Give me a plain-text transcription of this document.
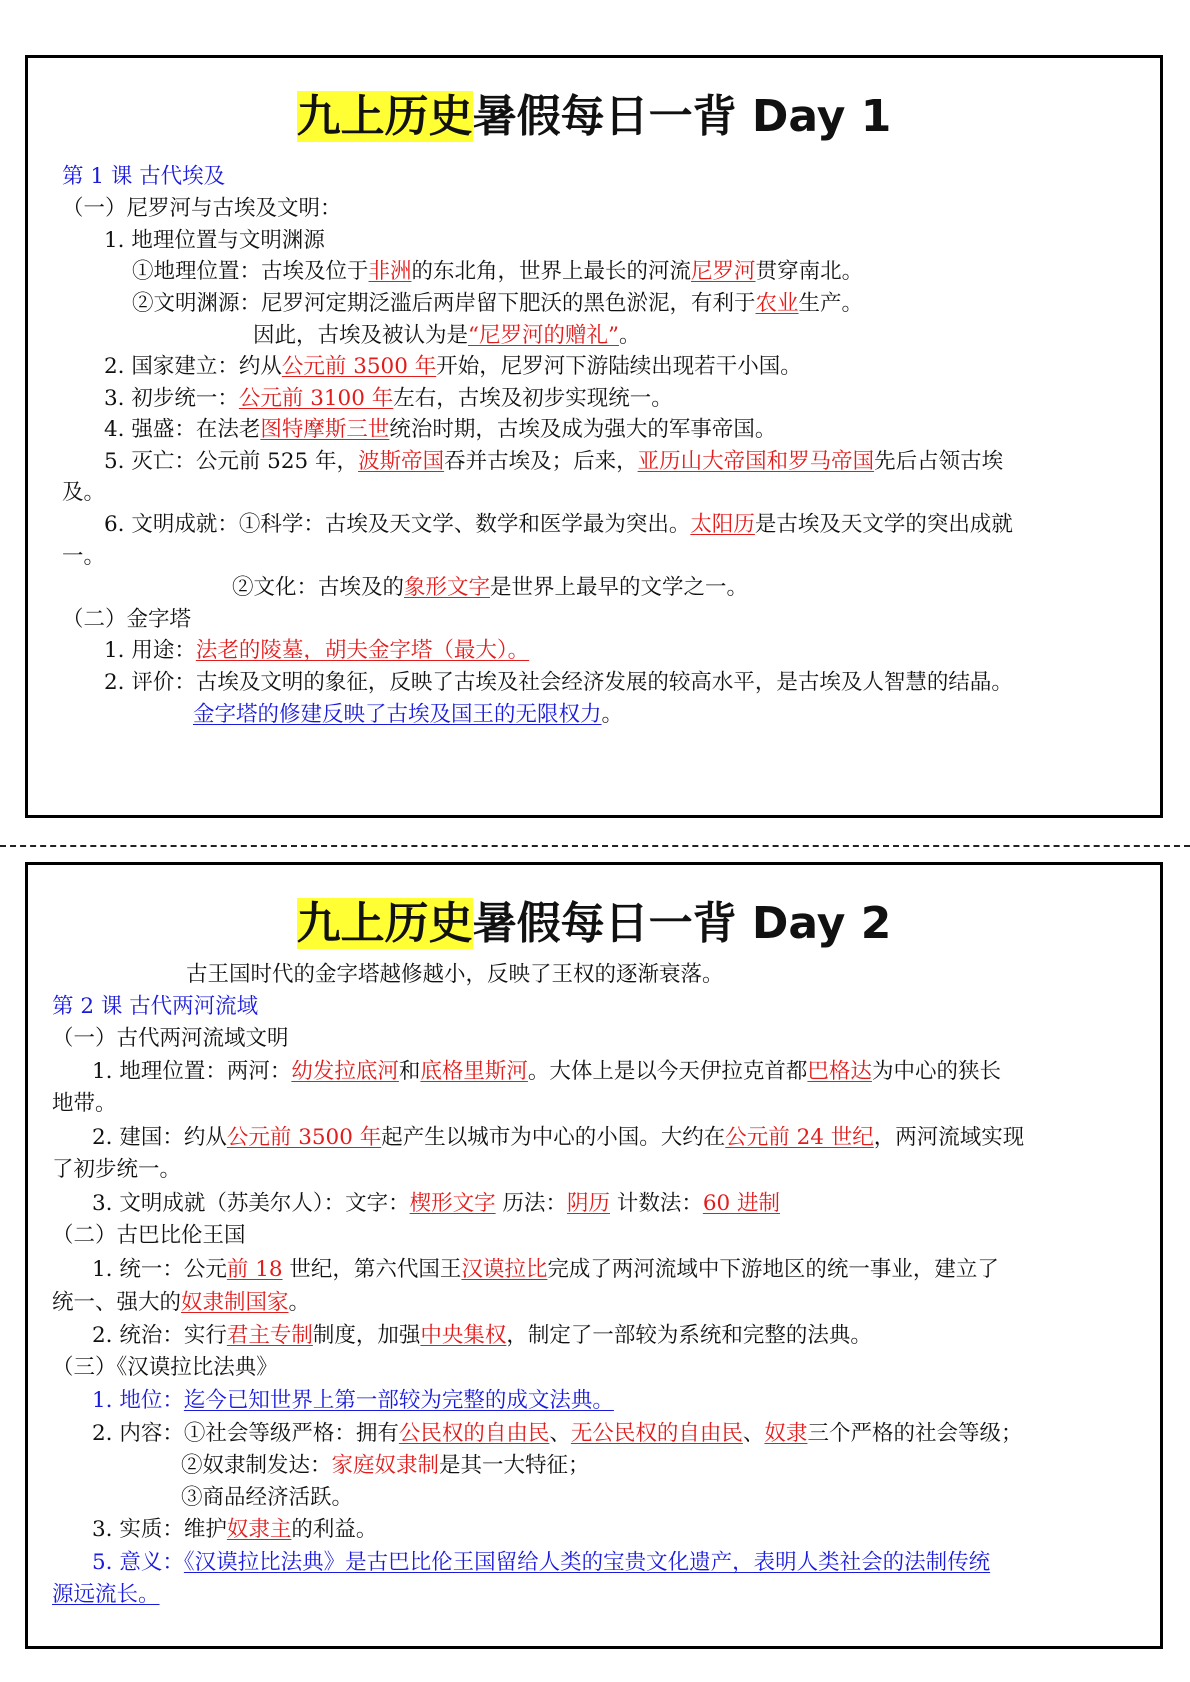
九上历史暑假每日一背 Day 1
第 1 课 古代埃及
（一）尼罗河与古埃及文明：
1. 地理位置与文明渊源
①地理位置：古埃及位于非洲的东北角，世界上最长的河流尼罗河贯穿南北。
②文明渊源：尼罗河定期泛滥后两岸留下肥沃的黑色淤泥，有利于农业生产。
因此，古埃及被认为是“尼罗河的赠礼”。
2. 国家建立：约从公元前 3500 年开始，尼罗河下游陆续出现若干小国。
3. 初步统一：公元前 3100 年左右，古埃及初步实现统一。
4. 强盛：在法老图特摩斯三世统治时期，古埃及成为强大的军事帝国。
5. 灭亡：公元前 525 年，波斯帝国吞并古埃及；后来，亚历山大帝国和罗马帝国先后占领古埃
及。
6. 文明成就：①科学：古埃及天文学、数学和医学最为突出。太阳历是古埃及天文学的突出成就
一。
②文化：古埃及的象形文字是世界上最早的文学之一。
（二）金字塔
1. 用途：法老的陵墓，胡夫金字塔（最大）。
2. 评价：古埃及文明的象征，反映了古埃及社会经济发展的较高水平，是古埃及人智慧的结晶。
金字塔的修建反映了古埃及国王的无限权力。
九上历史暑假每日一背 Day 2
古王国时代的金字塔越修越小，反映了王权的逐渐衰落。
第 2 课 古代两河流域
（一）古代两河流域文明
1. 地理位置：两河：幼发拉底河和底格里斯河。大体上是以今天伊拉克首都巴格达为中心的狭长
地带。
2. 建国：约从公元前 3500 年起产生以城市为中心的小国。大约在公元前 24 世纪，两河流域实现
了初步统一。
3. 文明成就（苏美尔人）：文字：楔形文字 历法：阴历 计数法：60 进制
（二）古巴比伦王国
1. 统一：公元前 18 世纪，第六代国王汉谟拉比完成了两河流域中下游地区的统一事业，建立了
统一、强大的奴隶制国家。
2. 统治：实行君主专制制度，加强中央集权，制定了一部较为系统和完整的法典。
（三）《汉谟拉比法典》
1. 地位：迄今已知世界上第一部较为完整的成文法典。
2. 内容：①社会等级严格：拥有公民权的自由民、无公民权的自由民、奴隶三个严格的社会等级；
②奴隶制发达：家庭奴隶制是其一大特征；
③商品经济活跃。
3. 实质：维护奴隶主的利益。
5. 意义：《汉谟拉比法典》是古巴比伦王国留给人类的宝贵文化遗产，表明人类社会的法制传统
源远流长。
